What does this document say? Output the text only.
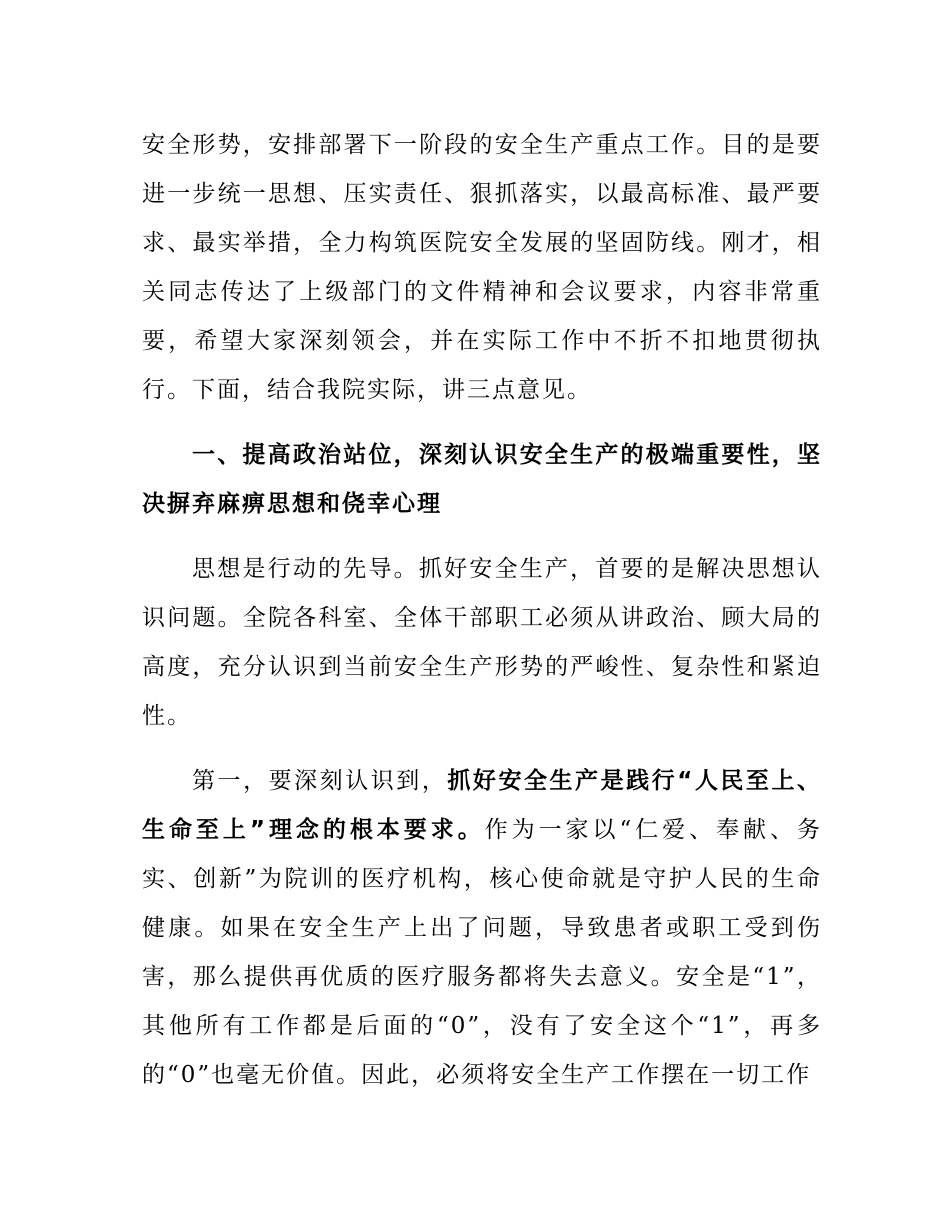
安全形势，安排部署下一阶段的安全生产重点工作。目的是要进一步统一思想、压实责任、狠抓落实，以最高标准、最严要求、最实举措，全力构筑医院安全发展的坚固防线。刚才，相关同志传达了上级部门的文件精神和会议要求，内容非常重要，希望大家深刻领会，并在实际工作中不折不扣地贯彻执行。下面，结合我院实际，讲三点意见。

一、提高政治站位，深刻认识安全生产的极端重要性，坚决摒弃麻痹思想和侥幸心理

思想是行动的先导。抓好安全生产，首要的是解决思想认识问题。全院各科室、全体干部职工必须从讲政治、顾大局的高度，充分认识到当前安全生产形势的严峻性、复杂性和紧迫性。

第一，要深刻认识到，抓好安全生产是践行“人民至上、生命至上”理念的根本要求。作为一家以“仁爱、奉献、务实、创新”为院训的医疗机构，核心使命就是守护人民的生命健康。如果在安全生产上出了问题，导致患者或职工受到伤害，那么提供再优质的医疗服务都将失去意义。安全是“1”，其他所有工作都是后面的“0”，没有了安全这个“1”，再多的“0”也毫无价值。因此，必须将安全生产工作摆在一切工作
